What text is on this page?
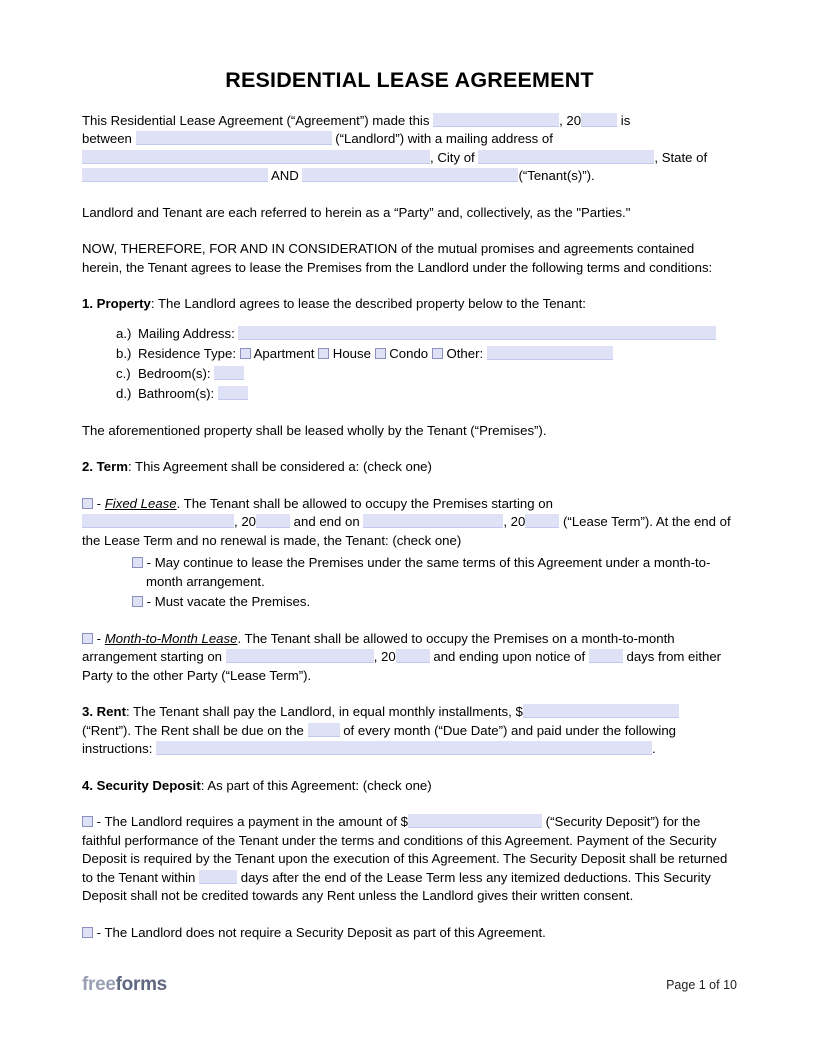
RESIDENTIAL LEASE AGREEMENT
This Residential Lease Agreement (“Agreement”) made this	, 20	is
between	(“Landlord”) with a mailing address of
, City of	, State of
AND	(“Tenant(s)”).
Landlord and Tenant are each referred to herein as a “Party” and, collectively, as the "Parties."
NOW, THEREFORE, FOR AND IN CONSIDERATION of the mutual promises and agreements contained herein, the Tenant agrees to lease the Premises from the Landlord under the following terms and conditions:
1. Property: The Landlord agrees to lease the described property below to the Tenant:
a.) Mailing Address:
b.) Residence Type: Apartment House Condo Other:
c.) Bedroom(s):
d.) Bathroom(s):
The aforementioned property shall be leased wholly by the Tenant (“Premises”).
2. Term: This Agreement shall be considered a: (check one)
- Fixed Lease. The Tenant shall be allowed to occupy the Premises starting on
, 20	and end on	, 20	(“Lease Term”). At the end of the Lease Term and no renewal is made, the Tenant: (check one)
- May continue to lease the Premises under the same terms of this Agreement under a month-to-month arrangement.
- Must vacate the Premises.
- Month-to-Month Lease. The Tenant shall be allowed to occupy the Premises on a month-to-month arrangement starting on	, 20	and ending upon notice of	days from either Party to the other Party (“Lease Term”).
3. Rent: The Tenant shall pay the Landlord, in equal monthly installments, $
(“Rent”). The Rent shall be due on the	of every month (“Due Date”) and paid under the following instructions:	.
4. Security Deposit: As part of this Agreement: (check one)
- The Landlord requires a payment in the amount of $	(“Security Deposit”) for the faithful performance of the Tenant under the terms and conditions of this Agreement. Payment of the Security Deposit is required by the Tenant upon the execution of this Agreement. The Security Deposit shall be returned to the Tenant within	days after the end of the Lease Term less any itemized deductions. This Security Deposit shall not be credited towards any Rent unless the Landlord gives their written consent.
- The Landlord does not require a Security Deposit as part of this Agreement.
freeforms	Page 1 of 10
